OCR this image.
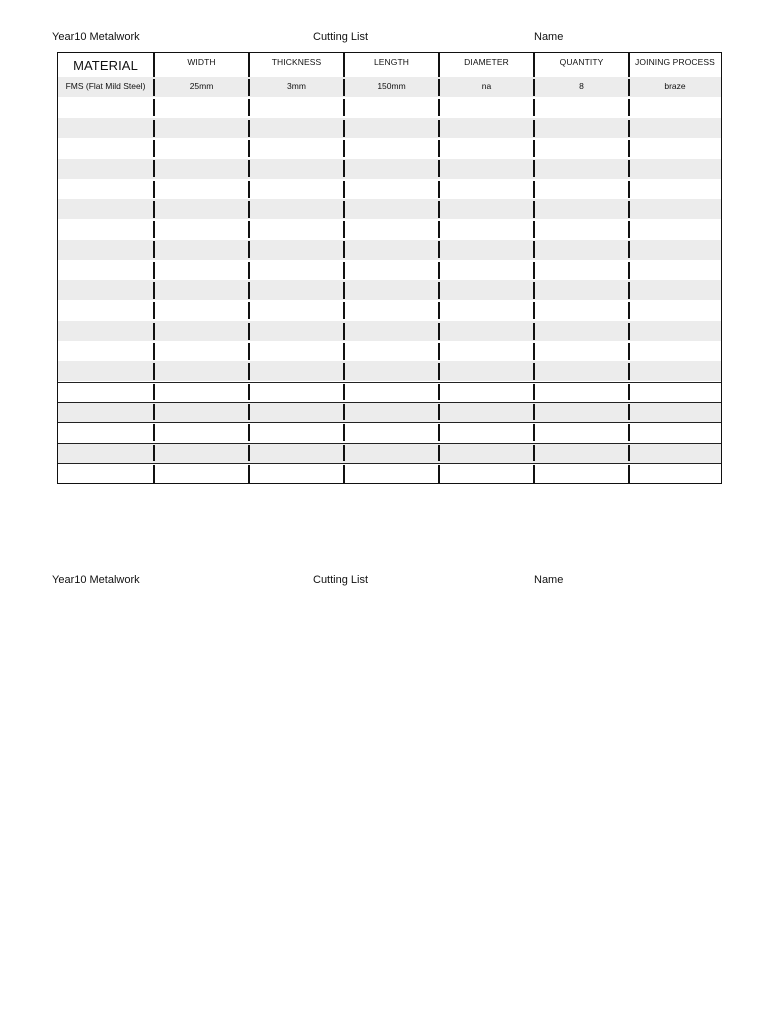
Year10 Metalwork	Cutting List	Name
MATERIAL	WIDTH	THICKNESS	LENGTH	DIAMETER	QUANTITY	JOINING PROCESS
FMS (Flat Mild Steel)	25mm	3mm	150mm	na	8	braze
Year10 Metalwork	Cutting List	Name
